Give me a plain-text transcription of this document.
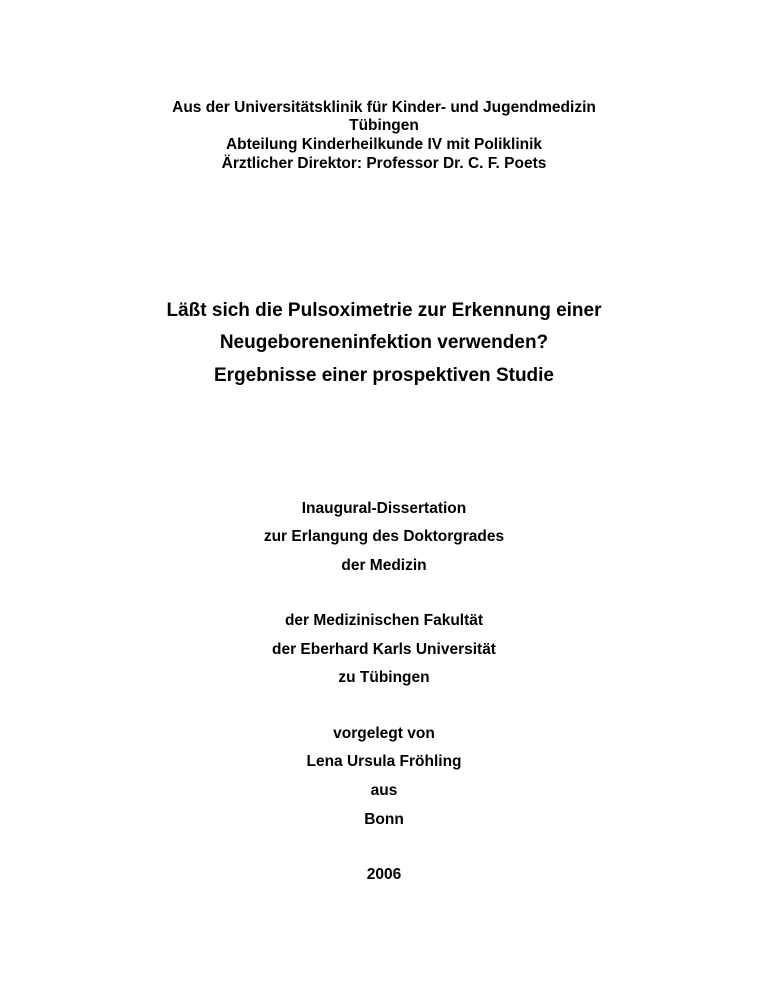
Aus der Universitätsklinik für Kinder- und Jugendmedizin
Tübingen
Abteilung Kinderheilkunde IV mit Poliklinik
Ärztlicher Direktor: Professor Dr. C. F. Poets
Läßt sich die Pulsoximetrie zur Erkennung einer
Neugeboreneninfektion verwenden?
Ergebnisse einer prospektiven Studie
Inaugural-Dissertation
zur Erlangung des Doktorgrades
der Medizin
der Medizinischen Fakultät
der Eberhard Karls Universität
zu Tübingen
vorgelegt von
Lena Ursula Fröhling
aus
Bonn
2006
